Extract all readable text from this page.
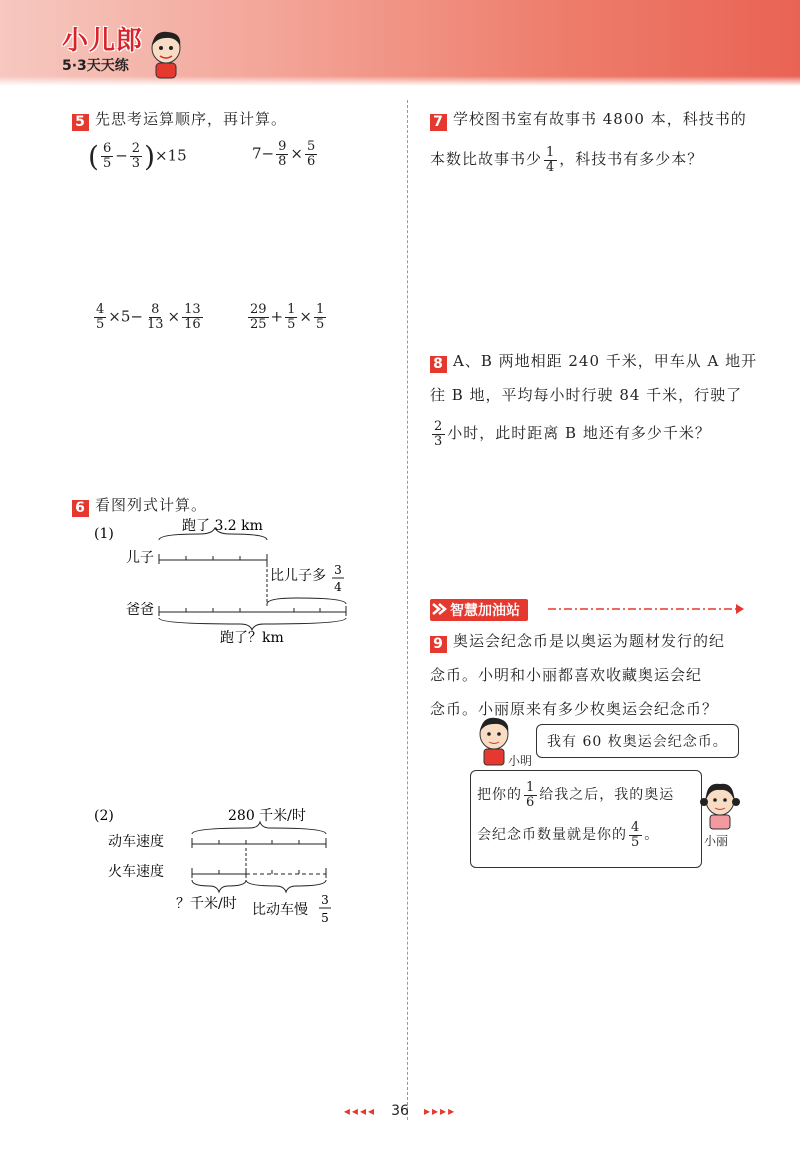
小儿郎
5·3天天练
5 先思考运算顺序，再计算。
( $\frac{6}{5} - \frac{2}{3} )\times 15$	$7- \frac{9}{8} \times \frac{5}{6}$
$\frac{4}{5} \times 5- \frac{8}{13} \times \frac{13}{16}$	$\frac{29}{25} + \frac{1}{5} \times \frac{1}{5}$
6 看图列式计算。
(1)	跑了 3.2 km
儿子
比儿子多 3
4
爸爸
跑了？km
(2)	280 千米/时
动车速度
火车速度
？千米/时 比动车慢
3
5
7 学校图书室有故事书 4800 本，科技书的
本数比故事书少 $\frac{1}{4}$ ，科技书有多少本？
8 A、B 两地相距 240 千米，甲车从 A 地开
往 B 地，平均每小时行驶 84 千米，行驶了
$\frac{2}{3}$ 小时，此时距离 B 地还有多少千米？
智慧加油站
9 奥运会纪念币是以奥运为题材发行的纪
念币。小明和小丽都喜欢收藏奥运会纪
念币。小丽原来有多少枚奥运会纪念币？
小明
我有 60 枚奥运会纪念币。
把你的 $\frac{1}{6}$ 给我之后，我的奥运
会纪念币数量就是你的 $\frac{4}{5}$ 。	小丽
◂◂◂◂ 36 ▸▸▸▸
